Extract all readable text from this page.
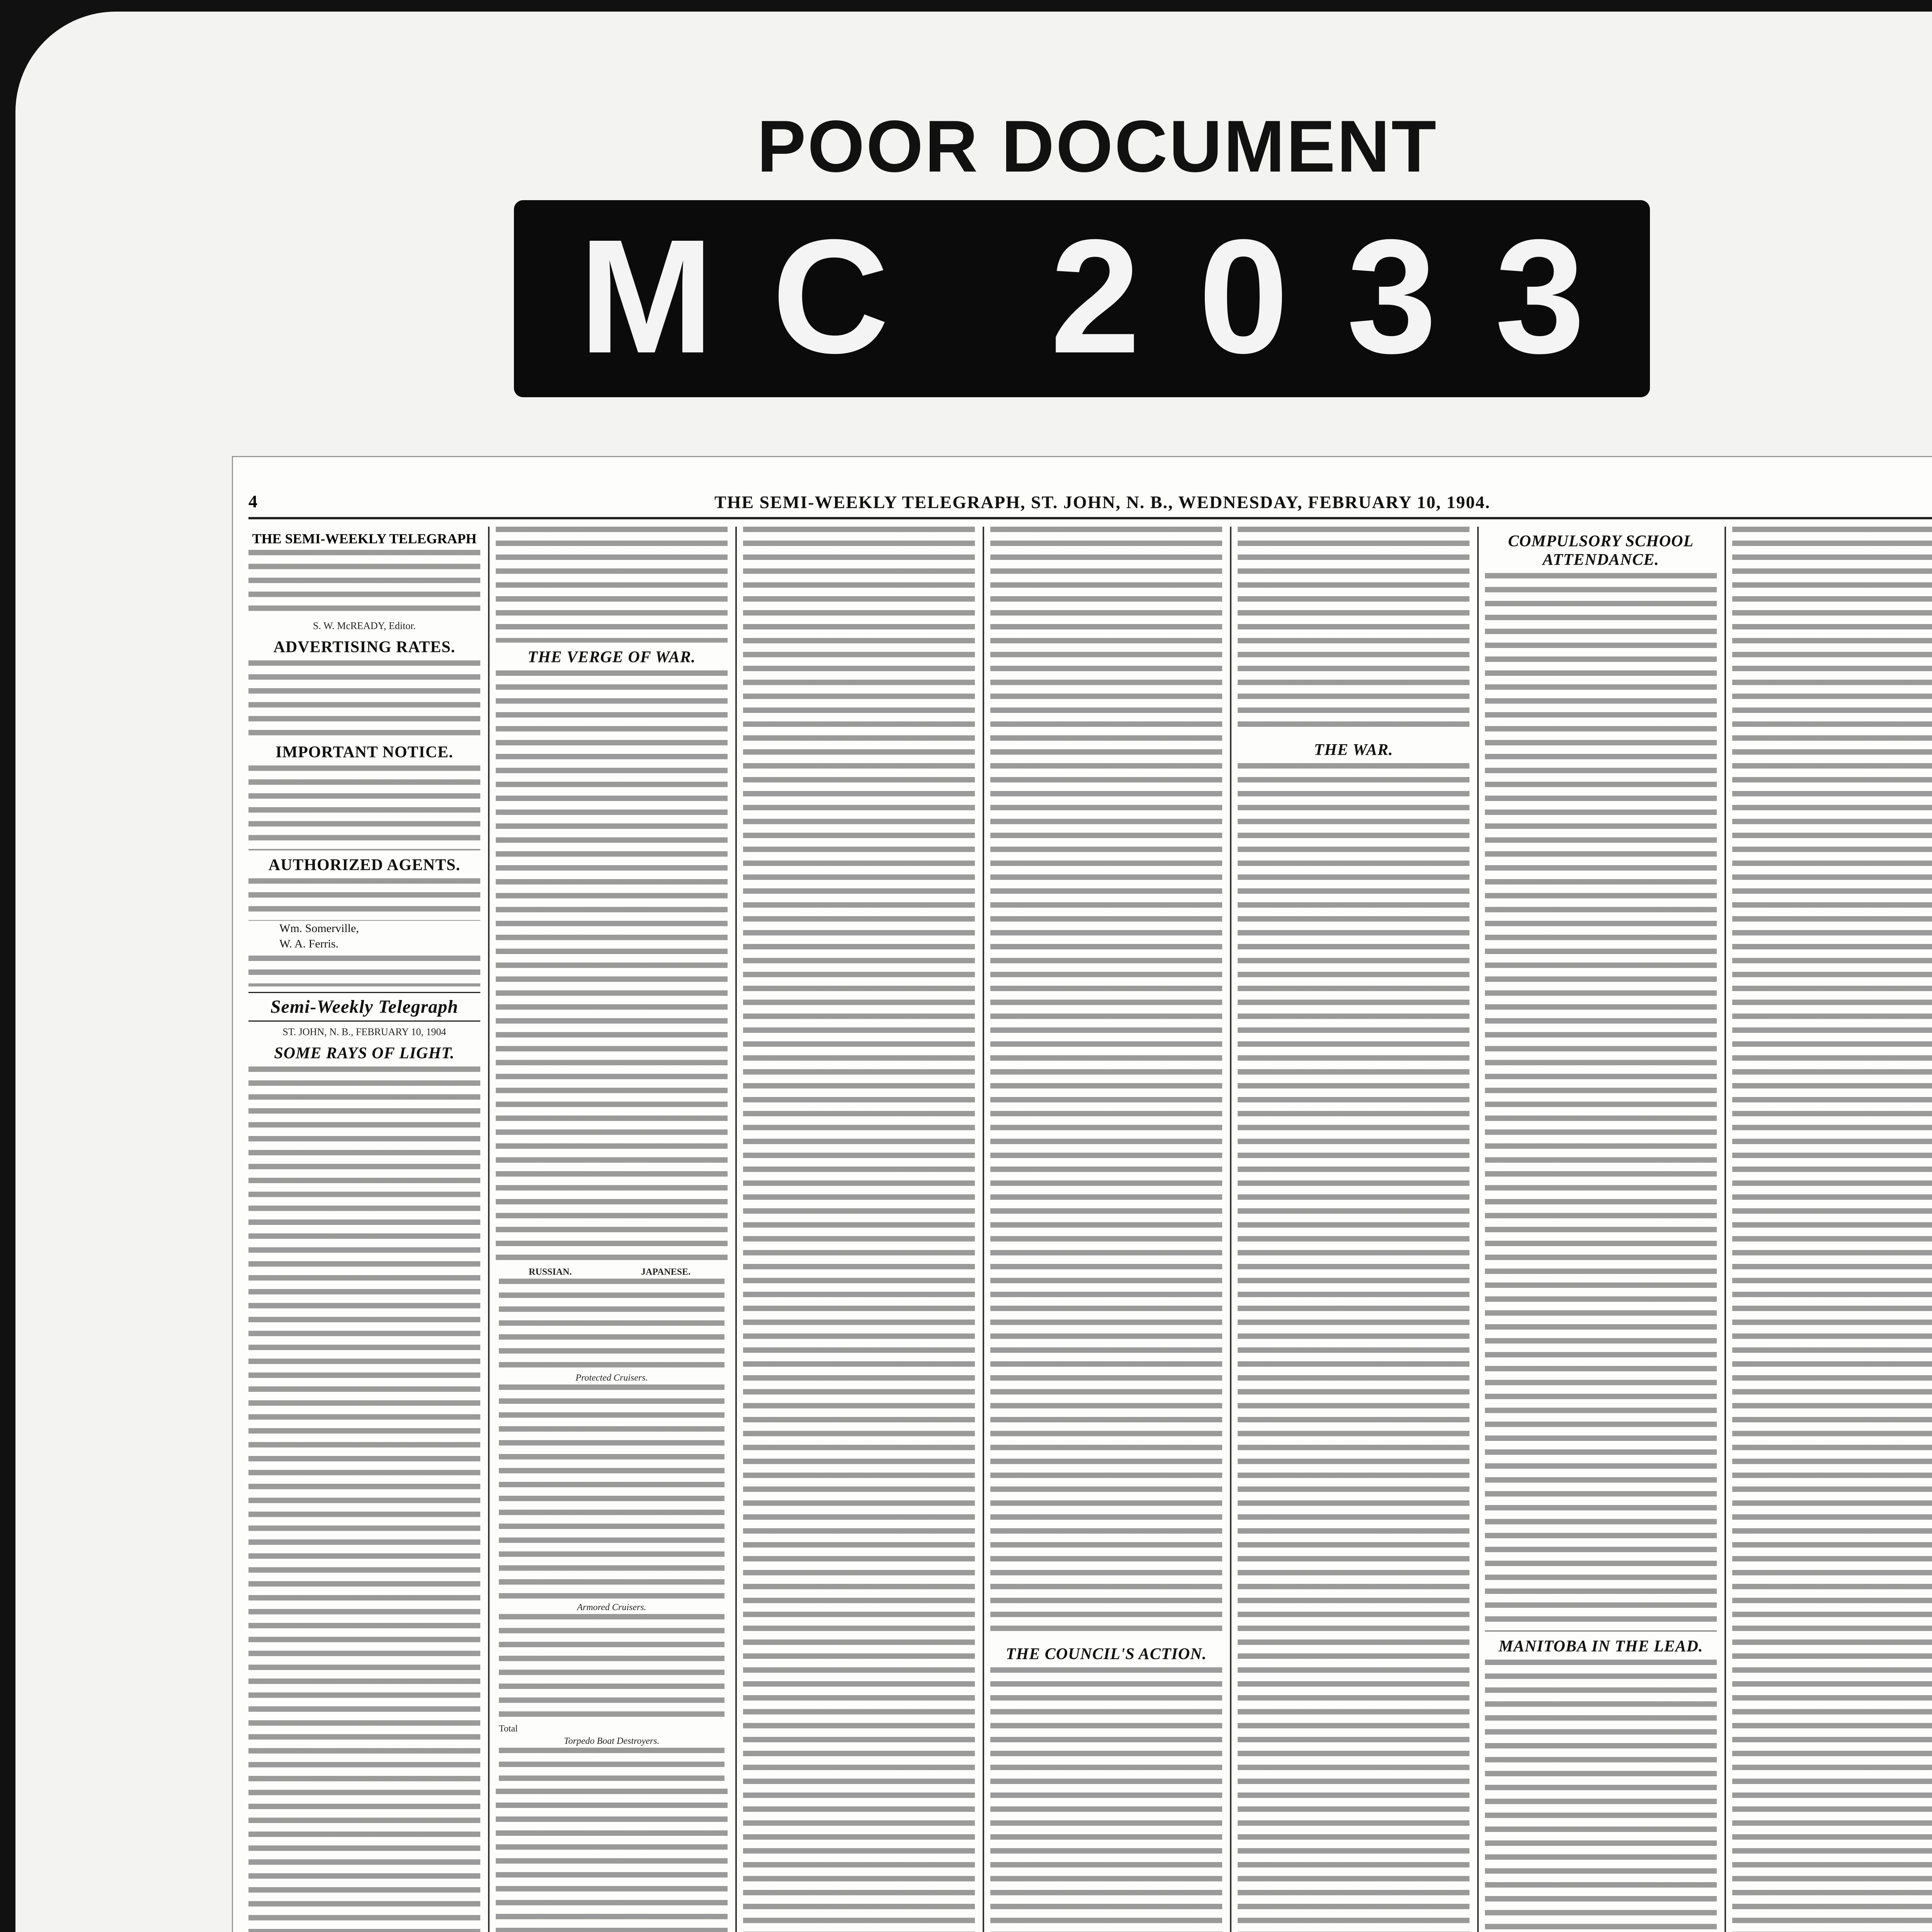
POOR DOCUMENT
MC 2033
4	THE SEMI-WEEKLY TELEGRAPH, ST. JOHN, N. B., WEDNESDAY, FEBRUARY 10, 1904.
THE SEMI-WEEKLY TELEGRAPH
S. W. McREADY, Editor.
ADVERTISING RATES.
IMPORTANT NOTICE.
AUTHORIZED AGENTS.
Wm. Somerville,
W. A. Ferris.
Semi-Weekly Telegraph
ST. JOHN, N. B., FEBRUARY 10, 1904
SOME RAYS OF LIGHT.
THE VERGE OF WAR.
RUSSIAN.	JAPANESE.

Protected Cruisers.

Armored Cruisers.

Total
Torpedo Boat Destroyers.

THE COUNCIL'S ACTION.
THE WAR.
COMPULSORY SCHOOL ATTENDANCE.
MANITOBA IN THE LEAD.
